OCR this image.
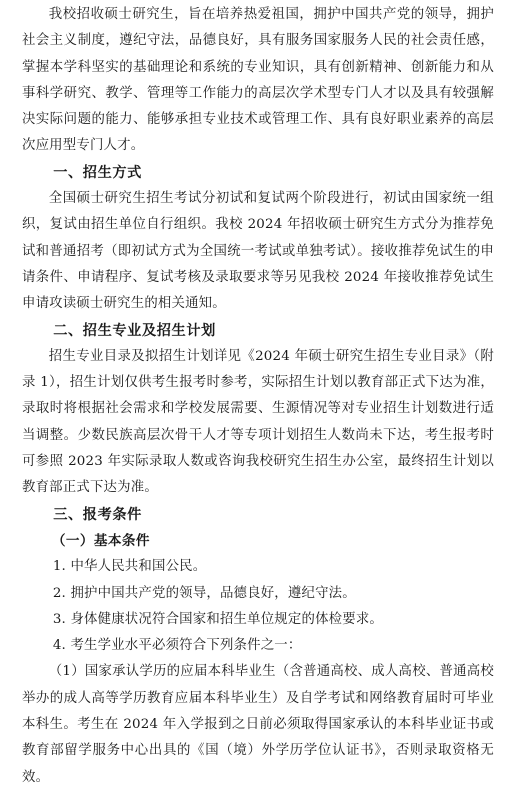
我校招收硕士研究生，旨在培养热爱祖国，拥护中国共产党的领导，拥护社会主义制度，遵纪守法，品德良好，具有服务国家服务人民的社会责任感，掌握本学科坚实的基础理论和系统的专业知识，具有创新精神、创新能力和从事科学研究、教学、管理等工作能力的高层次学术型专门人才以及具有较强解决实际问题的能力、能够承担专业技术或管理工作、具有良好职业素养的高层次应用型专门人才。

一、招生方式

全国硕士研究生招生考试分初试和复试两个阶段进行，初试由国家统一组织，复试由招生单位自行组织。我校 2024 年招收硕士研究生方式分为推荐免试和普通招考（即初试方式为全国统一考试或单独考试）。接收推荐免试生的申请条件、申请程序、复试考核及录取要求等另见我校 2024 年接收推荐免试生申请攻读硕士研究生的相关通知。

二、招生专业及招生计划

招生专业目录及拟招生计划详见《2024 年硕士研究生招生专业目录》（附录 1），招生计划仅供考生报考时参考，实际招生计划以教育部正式下达为准，录取时将根据社会需求和学校发展需要、生源情况等对专业招生计划数进行适当调整。少数民族高层次骨干人才等专项计划招生人数尚未下达，考生报考时可参照 2023 年实际录取人数或咨询我校研究生招生办公室，最终招生计划以教育部正式下达为准。

三、报考条件
（一）基本条件

1. 中华人民共和国公民。

2. 拥护中国共产党的领导，品德良好，遵纪守法。

3. 身体健康状况符合国家和招生单位规定的体检要求。

4. 考生学业水平必须符合下列条件之一：

（1）国家承认学历的应届本科毕业生（含普通高校、成人高校、普通高校举办的成人高等学历教育应届本科毕业生）及自学考试和网络教育届时可毕业本科生。考生在 2024 年入学报到之日前必须取得国家承认的本科毕业证书或教育部留学服务中心出具的《国（境）外学历学位认证书》，否则录取资格无效。
